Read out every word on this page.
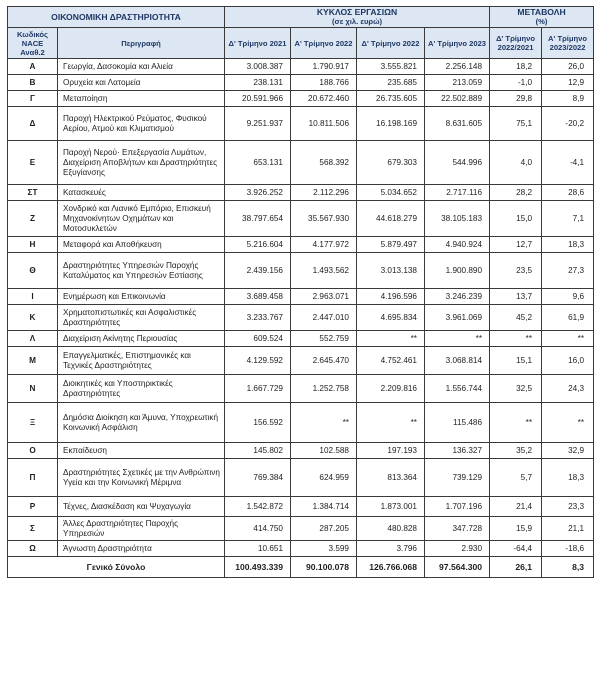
ΟΙΚΟΝΟΜΙΚΗ ΔΡΑΣΤΗΡΙΟΤΗΤΑ		ΚΥΚΛΟΣ ΕΡΓΑΣΙΩΝ
(σε χιλ. ευρώ)				ΜΕΤΑΒΟΛΗ
(%)	

Κωδικός NACE Αναθ.2	Περιγραφή	Δ' Τρίμηνο 2021	Α' Τρίμηνο 2022	Δ' Τρίμηνο 2022	Α' Τρίμηνο 2023	Δ' Τρίμηνο 2022/2021	Α' Τρίμηνο 2023/2022
Α	Γεωργία, Δασοκομία και Αλιεία	3.008.387	1.790.917	3.555.821	2.256.148	18,2	26,0
Β	Ορυχεία και Λατομεία	238.131	188.766	235.685	213.059	-1,0	12,9
Γ	Μεταποίηση	20.591.966	20.672.460	26.735.605	22.502.889	29,8	8,9
Δ	Παροχή Ηλεκτρικού Ρεύματος, Φυσικού Αερίου, Ατμού και Κλιματισμού	9.251.937	10.811.506	16.198.169	8.631.605	75,1	-20,2
Ε	Παροχή Νερού· Επεξεργασία Λυμάτων, Διαχείριση Αποβλήτων και Δραστηριότητες Εξυγίανσης	653.131	568.392	679.303	544.996	4,0	-4,1
ΣΤ	Κατασκευές	3.926.252	2.112.296	5.034.652	2.717.116	28,2	28,6
Ζ	Χονδρικό και Λιανικό Εμπόριο, Επισκευή Μηχανοκίνητων Οχημάτων και Μοτοσυκλετών	38.797.654	35.567.930	44.618.279	38.105.183	15,0	7,1
Η	Μεταφορά και Αποθήκευση	5.216.604	4.177.972	5.879.497	4.940.924	12,7	18,3
Θ	Δραστηριότητες Υπηρεσιών Παροχής Καταλύματος και Υπηρεσιών Εστίασης	2.439.156	1.493.562	3.013.138	1.900.890	23,5	27,3
Ι	Ενημέρωση και Επικοινωνία	3.689.458	2.963.071	4.196.596	3.246.239	13,7	9,6
Κ	Χρηματοπιστωτικές και Ασφαλιστικές Δραστηριότητες	3.233.767	2.447.010	4.695.834	3.961.069	45,2	61,9
Λ	Διαχείριση Ακίνητης Περιουσίας	609.524	552.759	**	**	**	**
Μ	Επαγγελματικές, Επιστημονικές και Τεχνικές Δραστηριότητες	4.129.592	2.645.470	4.752.461	3.068.814	15,1	16,0
Ν	Διοικητικές και Υποστηρικτικές Δραστηριότητες	1.667.729	1.252.758	2.209.816	1.556.744	32,5	24,3
Ξ	Δημόσια Διοίκηση και Άμυνα, Υποχρεωτική Κοινωνική Ασφάλιση	156.592	**	**	115.486	**	**
Ο	Εκπαίδευση	145.802	102.588	197.193	136.327	35,2	32,9
Π	Δραστηριότητες Σχετικές με την Ανθρώπινη Υγεία και την Κοινωνική Μέριμνα	769.384	624.959	813.364	739.129	5,7	18,3
Ρ	Τέχνες, Διασκέδαση και Ψυχαγωγία	1.542.872	1.384.714	1.873.001	1.707.196	21,4	23,3
Σ	Άλλες Δραστηριότητες Παροχής Υπηρεσιών	414.750	287.205	480.828	347.728	15,9	21,1
Ω	Άγνωστη Δραστηριότητα	10.651	3.599	3.796	2.930	-64,4	-18,6
Γενικό Σύνολο		100.493.339	90.100.078	126.766.068	97.564.300	26,1	8,3
